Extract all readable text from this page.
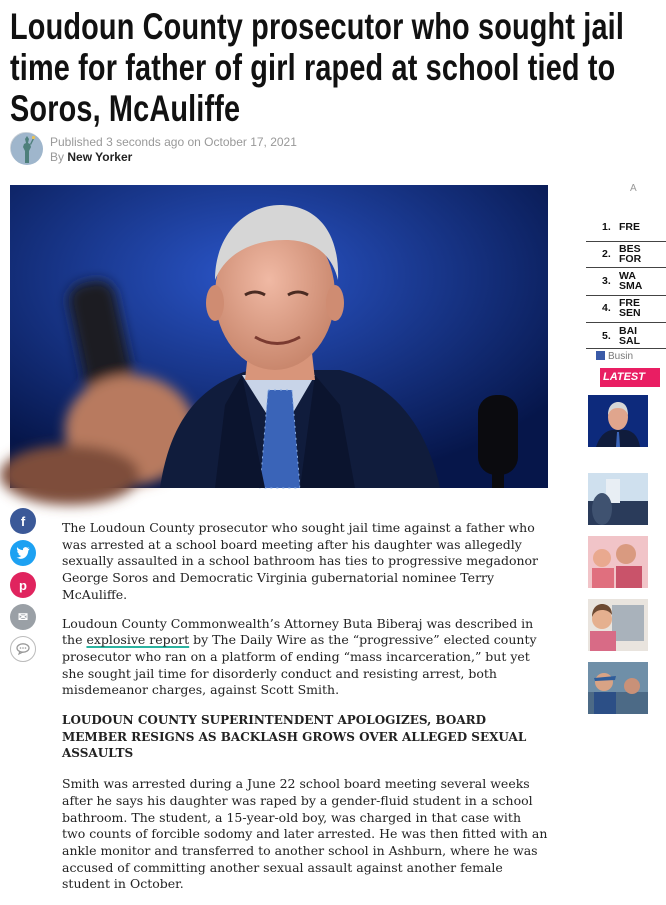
Loudoun County prosecutor who sought jail time for father of girl raped at school tied to Soros, McAuliffe
Published 3 seconds ago on October 17, 2021
By New Yorker
f
p
✉

The Loudoun County prosecutor who sought jail time against a father who was arrested at a school board meeting after his daughter was allegedly sexually assaulted in a school bathroom has ties to progressive megadonor George Soros and Democratic Virginia gubernatorial nominee Terry McAuliffe.

Loudoun County Commonwealth’s Attorney Buta Biberaj was described in the explosive report by The Daily Wire as the “progressive” elected county prosecutor who ran on a platform of ending “mass incarceration,” but yet she sought jail time for disorderly conduct and resisting arrest, both misdemeanor charges, against Scott Smith.

LOUDOUN COUNTY SUPERINTENDENT APOLOGIZES, BOARD MEMBER RESIGNS AS BACKLASH GROWS OVER ALLEGED SEXUAL ASSAULTS

Smith was arrested during a June 22 school board meeting several weeks after he says his daughter was raped by a gender-fluid student in a school bathroom. The student, a 15-year-old boy, was charged in that case with two counts of forcible sodomy and later arrested. He was then fitted with an ankle monitor and transferred to another school in Ashburn, where he was accused of committing another sexual assault against another female student in October.

A
1. FRE
2. BES
FOR
3. WA
SMA
4. FRE
SEN
5. BAI
SAL
Busin
LATEST
